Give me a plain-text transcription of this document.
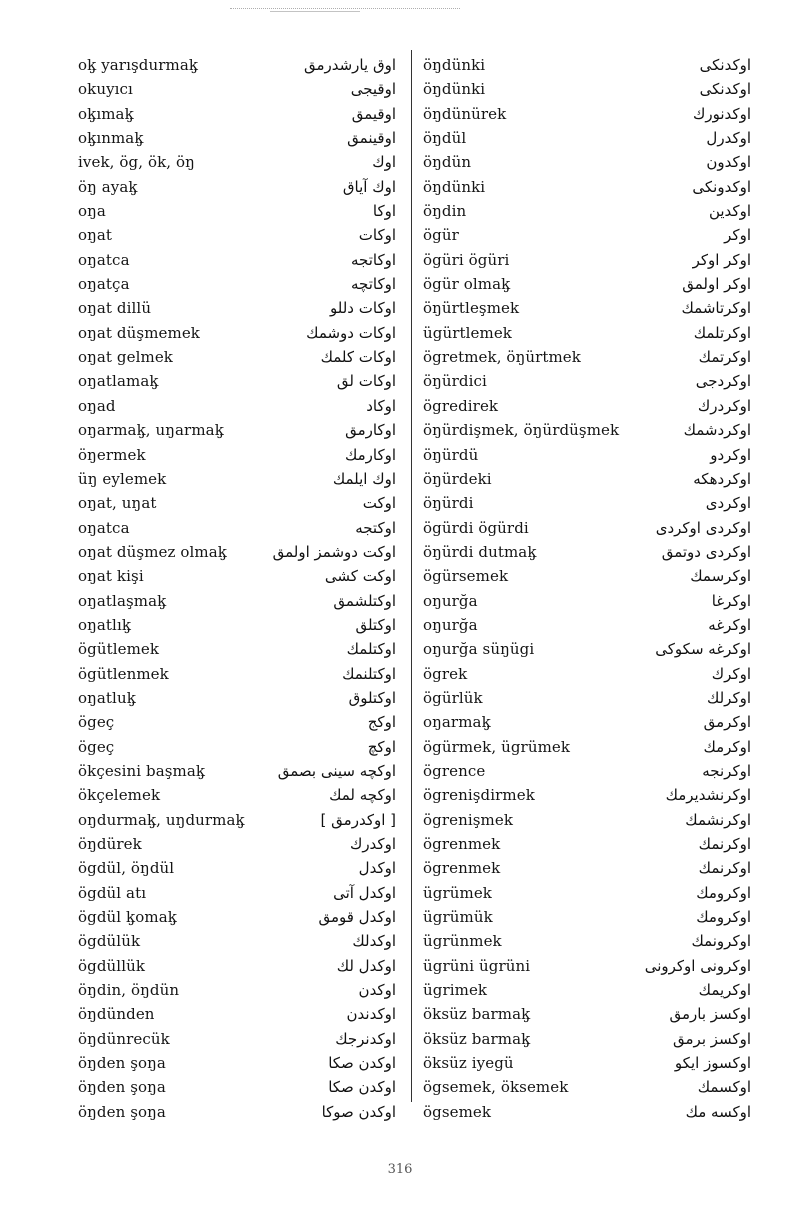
ok̡ yarışdurmak̡	اوق يارشدرمق
okuyıcı	اوقيجى
ok̡ımak̡	اوقيمق
ok̡ınmak̡	اوقينمق
ivek, ög, ök, öŋ	اوك
öŋ ayak̡	اوك آياق
oŋa	اوكا
oŋat	اوكات
oŋatca	اوكاتجه
oŋatça	اوكاتچه
oŋat dillü	اوكات دللو
oŋat düşmemek	اوكات دوشمك
oŋat gelmek	اوكات كلمك
oŋatlamak̡	اوكات لق
oŋad	اوكاد
oŋarmak̡, uŋarmak̡	اوكارمق
öŋermek	اوكارمك
üŋ eylemek	اوك ايلمك
oŋat, uŋat	اوكت
oŋatca	اوكتجه
oŋat düşmez olmak̡	اوكت دوشمز اولمق
oŋat kişi	اوكت كشى
oŋatlaşmak̡	اوكتلشمق
oŋatlık̡	اوكتلق
ögütlemek	اوكتلمك
ögütlenmek	اوكتلنمك
oŋatluk̡	اوكتلوق
ögeç	اوكج
ögeç	اوكچ
ökçesini başmak̡	اوكچه سينى بصمق
ökçelemek	اوكچه لمك
oŋdurmak̡, uŋdurmak̡	[ اوكدرمق ]
öŋdürek	اوكدرك
ögdül, öŋdül	اوكدل
ögdül atı	اوكدل آتى
ögdül k̡omak̡	اوكدل قومق
ögdülük	اوكدلك
ögdüllük	اوكدل لك
öŋdin, öŋdün	اوكدن
öŋdünden	اوكدندن
öŋdünrecük	اوكدنرجك
öŋden şoŋa	اوكدن صكا
öŋden şoŋa	اوكدن صكا
öŋden şoŋa	اوكدن صوكا
öŋdünki	اوكدنكى
öŋdünki	اوكدنكى
öŋdünürek	اوكدنورك
öŋdül	اوكدرل
öŋdün	اوكدون
öŋdünki	اوكدونكى
öŋdin	اوكدين
ögür	اوكر
ögüri ögüri	اوكر اوكر
ögür olmak̡	اوكر اولمق
öŋürtleşmek	اوكرتاشمك
ügürtlemek	اوكرتلمك
ögretmek, öŋürtmek	اوكرتمك
öŋürdici	اوكردجى
ögredirek	اوكردرك
öŋürdişmek, öŋürdüşmek	اوكردشمك
öŋürdü	اوكردو
öŋürdeki	اوكردهكه
öŋürdi	اوكردى
ögürdi ögürdi	اوكردى اوكردى
öŋürdi dutmak̡	اوكردى دوتمق
ögürsemek	اوكرسمك
oŋurğa	اوكرغا
oŋurğa	اوكرغه
oŋurğa süŋügi	اوكرغه سكوكى
ögrek	اوكرك
ögürlük	اوكرلك
oŋarmak̡	اوكرمق
ögürmek, ügrümek	اوكرمك
ögrence	اوكرنجه
ögrenişdirmek	اوكرنشديرمك
ögrenişmek	اوكرنشمك
ögrenmek	اوكرنمك
ögrenmek	اوكرنمك
ügrümek	اوكرومك
ügrümük	اوكرومك
ügrünmek	اوكرونمك
ügrüni ügrüni	اوكرونى اوكرونى
ügrimek	اوكريمك
öksüz barmak̡	اوكسز بارمق
öksüz barmak̡	اوكسز برمق
öksüz iyegü	اوكسوز ايكو
ögsemek, öksemek	اوكسمك
ögsemek	اوكسه مك
316
